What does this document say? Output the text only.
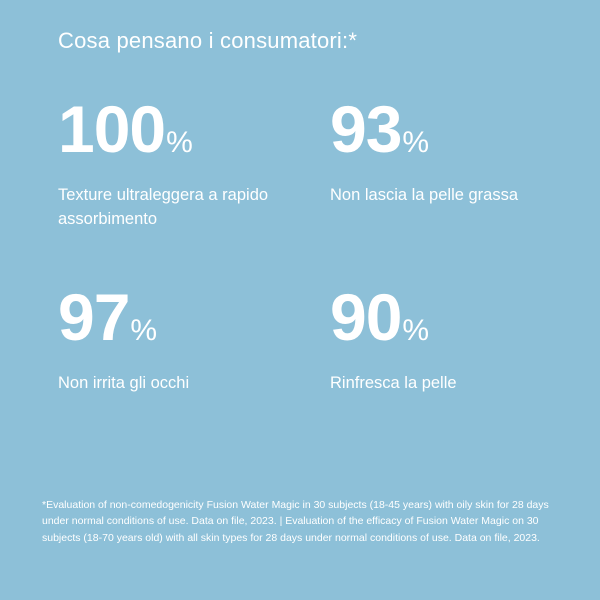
Cosa pensano i consumatori:*
100 %
Texture ultraleggera a rapido assorbimento
93 %
Non lascia la pelle grassa
97 %
Non irrita gli occhi
90 %
Rinfresca la pelle
*Evaluation of non-comedogenicity Fusion Water Magic in 30 subjects (18-45 years) with oily skin for 28 days under normal conditions of use. Data on file, 2023. | Evaluation of the efficacy of Fusion Water Magic on 30 subjects (18-70 years old) with all skin types for 28 days under normal conditions of use. Data on file, 2023.
